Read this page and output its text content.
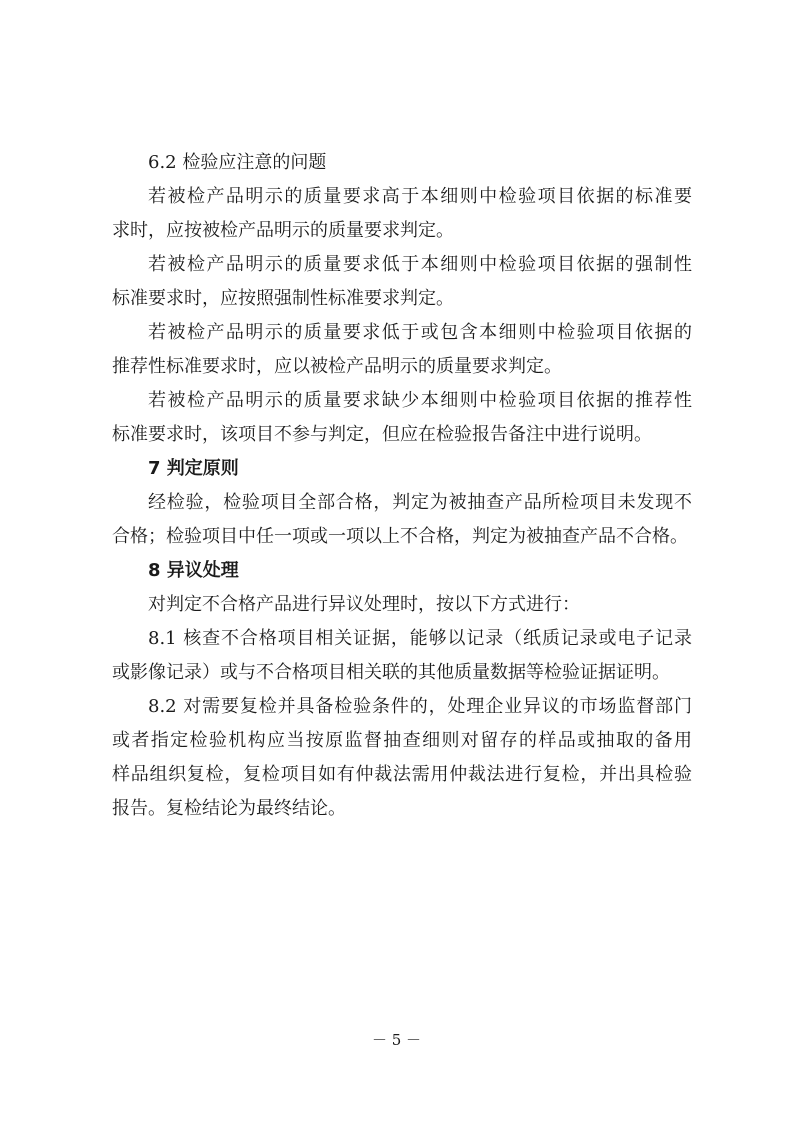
6.2 检验应注意的问题
若被检产品明示的质量要求高于本细则中检验项目依据的标准要
求时，应按被检产品明示的质量要求判定。
若被检产品明示的质量要求低于本细则中检验项目依据的强制性
标准要求时，应按照强制性标准要求判定。
若被检产品明示的质量要求低于或包含本细则中检验项目依据的
推荐性标准要求时，应以被检产品明示的质量要求判定。
若被检产品明示的质量要求缺少本细则中检验项目依据的推荐性
标准要求时，该项目不参与判定，但应在检验报告备注中进行说明。
7 判定原则
经检验，检验项目全部合格，判定为被抽查产品所检项目未发现不
合格；检验项目中任一项或一项以上不合格，判定为被抽查产品不合格。
8 异议处理
对判定不合格产品进行异议处理时，按以下方式进行：
8.1 核查不合格项目相关证据，能够以记录（纸质记录或电子记录
或影像记录）或与不合格项目相关联的其他质量数据等检验证据证明。
8.2 对需要复检并具备检验条件的，处理企业异议的市场监督部门
或者指定检验机构应当按原监督抽查细则对留存的样品或抽取的备用
样品组织复检，复检项目如有仲裁法需用仲裁法进行复检，并出具检验
报告。复检结论为最终结论。
－ 5 －
